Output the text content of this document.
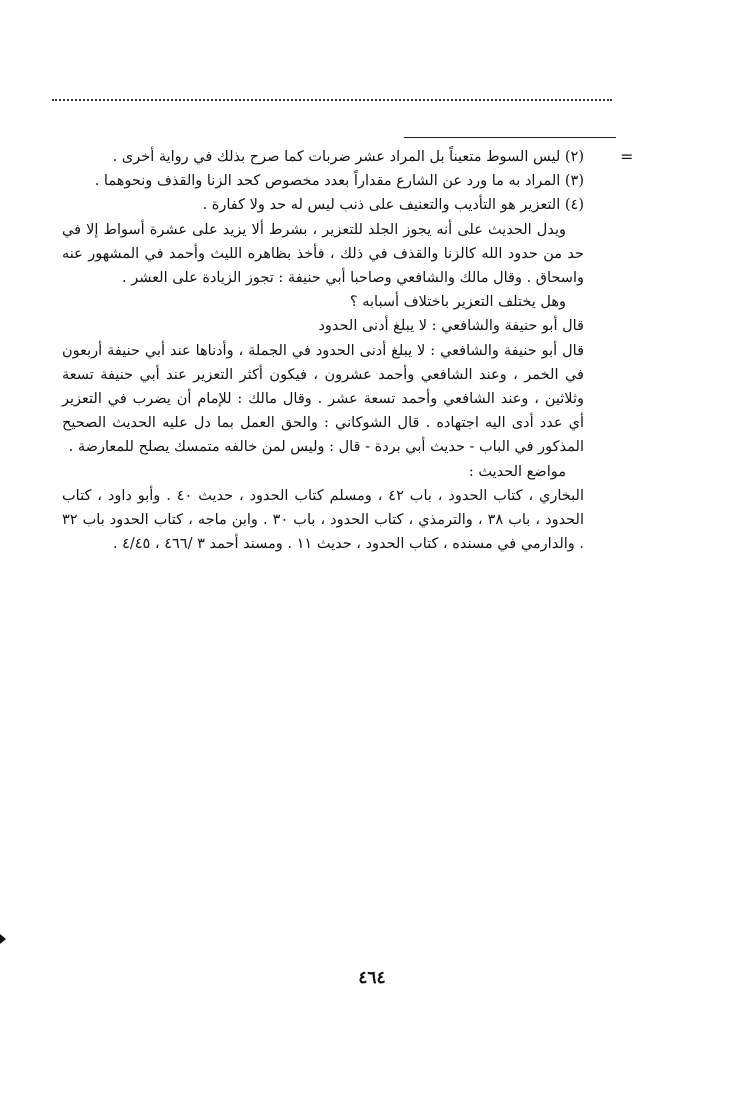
=

(٢) ليس السوط متعيناً بل المراد عشر ضربات كما صرح بذلك في رواية أخرى .

(٣) المراد به ما ورد عن الشارع مقداراً بعدد مخصوص كحد الزنا والقذف ونحوهما .

(٤) التعزير هو التأديب والتعنيف على ذنب ليس له حد ولا كفارة .

ويدل الحديث على أنه يجوز الجلد للتعزير ، بشرط ألا يزيد على عشرة أسواط إلا في حد من حدود الله كالزنا والقذف في ذلك ، فأخذ بظاهره الليث وأحمد في المشهور عنه واسحاق . وقال مالك والشافعي وصاحبا أبي حنيفة : تجوز الزيادة على العشر .

وهل يختلف التعزير باختلاف أسبابه ؟

قال أبو حنيفة والشافعي : لا يبلغ أدنى الحدود

قال أبو حنيفة والشافعي : لا يبلغ أدنى الحدود في الجملة ، وأدناها عند أبي حنيفة أربعون في الخمر ، وعند الشافعي وأحمد عشرون ، فيكون أكثر التعزير عند أبي حنيفة تسعة وثلاثين ، وعند الشافعي وأحمد تسعة عشر . وقال مالك : للإمام أن يضرب في التعزير أي عدد أدى اليه اجتهاده . قال الشوكاني : والحق العمل بما دل عليه الحديث الصحيح المذكور في الباب - حديث أبي بردة - قال : وليس لمن خالفه متمسك يصلح للمعارضة .

مواضع الحديث :

البخاري ، كتاب الحدود ، باب ٤٢ ، ومسلم كتاب الحدود ، حديث ٤٠ . وأبو داود ، كتاب الحدود ، باب ٣٨ ، والترمذي ، كتاب الحدود ، باب ٣٠ . وابن ماجه ، كتاب الحدود باب ٣٢ . والدارمي في مسنده ، كتاب الحدود ، حديث ١١ . ومسند أحمد ٣ /٤٦٦ ، ٤/٤٥ .

٤٦٤
